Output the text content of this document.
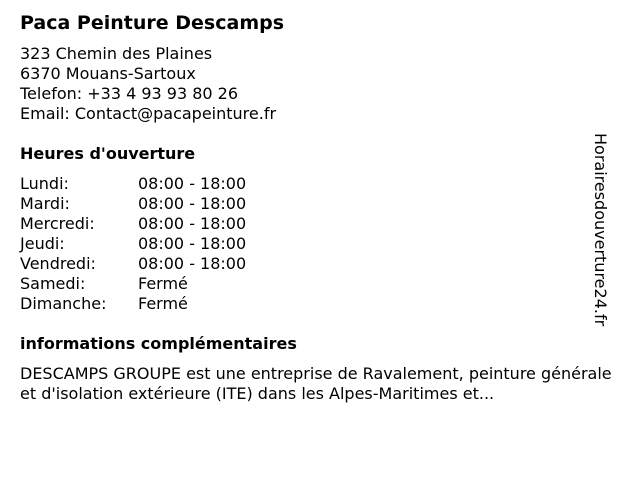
Paca Peinture Descamps
323 Chemin des Plaines
6370 Mouans-Sartoux
Telefon: +33 4 93 93 80 26
Email: Contact@pacapeinture.fr
Heures d'ouverture
Lundi:	08:00 - 18:00
Mardi:	08:00 - 18:00
Mercredi:	08:00 - 18:00
Jeudi:	08:00 - 18:00
Vendredi:	08:00 - 18:00
Samedi:	Fermé
Dimanche:	Fermé
informations complémentaires
DESCAMPS GROUPE est une entreprise de Ravalement, peinture générale et d'isolation extérieure (ITE) dans les Alpes-Maritimes et...
Horairesdouverture24.fr
